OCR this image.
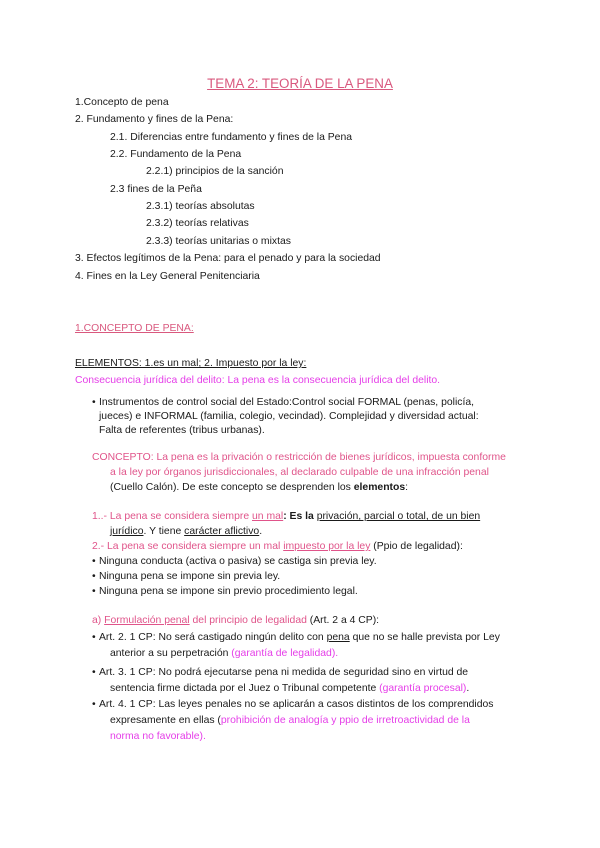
TEMA 2: TEORÍA DE LA PENA
1.Concepto de pena
2. Fundamento y fines de la Pena:
2.1. Diferencias entre fundamento y fines de la Pena
2.2. Fundamento de la Pena
2.2.1) principios de la sanción
2.3 fines de la Peña
2.3.1) teorías absolutas
2.3.2) teorías relativas
2.3.3) teorías unitarias o mixtas
3. Efectos legítimos de la Pena: para el penado y para la sociedad
4. Fines en la Ley General Penitenciaria
1.CONCEPTO DE PENA:
ELEMENTOS: 1.es un mal; 2. Impuesto por la ley:
Consecuencia jurídica del delito: La pena es la consecuencia jurídica del delito.
• Instrumentos de control social del Estado:Control social FORMAL (penas, policía,
jueces) e INFORMAL (familia, colegio, vecindad). Complejidad y diversidad actual:
Falta de referentes (tribus urbanas).
CONCEPTO: La pena es la privación o restricción de bienes jurídicos, impuesta conforme
a la ley por órganos jurisdiccionales, al declarado culpable de una infracción penal
(Cuello Calón). De este concepto se desprenden los elementos:
1..- La pena se considera siempre un mal: Es la privación, parcial o total, de un bien
jurídico. Y tiene carácter aflictivo.
2.- La pena se considera siempre un mal impuesto por la ley (Ppio de legalidad):
• Ninguna conducta (activa o pasiva) se castiga sin previa ley.
• Ninguna pena se impone sin previa ley.
• Ninguna pena se impone sin previo procedimiento legal.
a) Formulación penal del principio de legalidad (Art. 2 a 4 CP):
• Art. 2. 1 CP: No será castigado ningún delito con pena que no se halle prevista por Ley
anterior a su perpetración (garantía de legalidad).
• Art. 3. 1 CP: No podrá ejecutarse pena ni medida de seguridad sino en virtud de
sentencia firme dictada por el Juez o Tribunal competente (garantía procesal).
• Art. 4. 1 CP: Las leyes penales no se aplicarán a casos distintos de los comprendidos
expresamente en ellas (prohibición de analogía y ppio de irretroactividad de la
norma no favorable).
